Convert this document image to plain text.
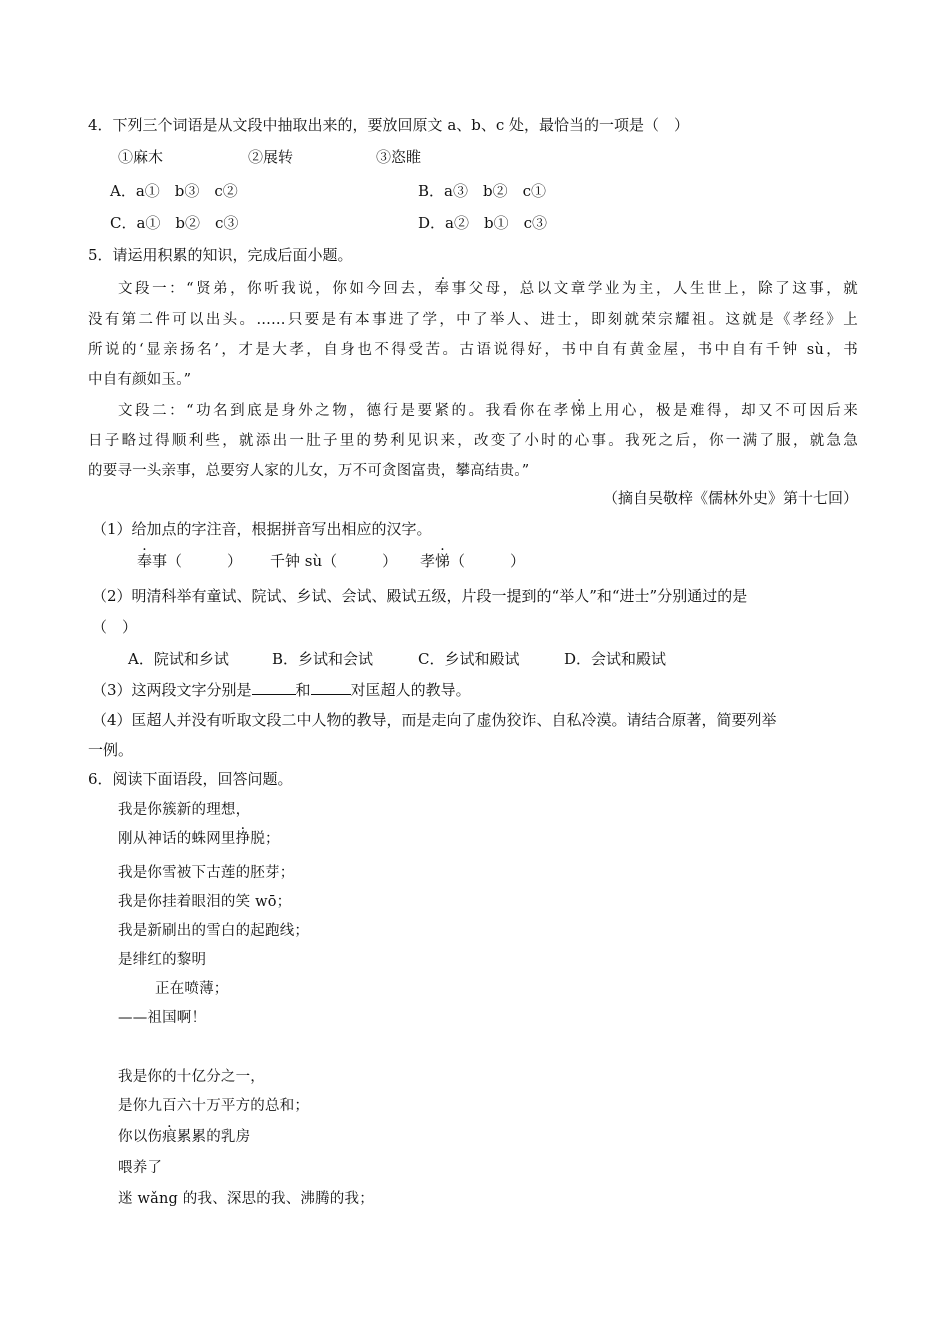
4．下列三个词语是从文段中抽取出来的，要放回原文 a、b、c 处，最恰当的一项是（　）
①麻木	②展转	③恣睢
A．a①　b③　c②	B．a③　b②　c①
C．a①　b②　c③	D．a②　b①　c③
5．请运用积累的知识，完成后面小题。
文段一：“贤弟，你听我说，你如今回去，奉事父母，总以文章学业为主，人生世上，除了这事，就
没有第二件可以出头。……只要是有本事进了学，中了举人、进士，即刻就荣宗耀祖。这就是《孝经》上
所说的‘显亲扬名’，才是大孝，自身也不得受苦。古语说得好，书中自有黄金屋，书中自有千钟 sù，书
中自有颜如玉。”
文段二：“功名到底是身外之物，德行是要紧的。我看你在孝悌上用心，极是难得，却又不可因后来
日子略过得顺利些，就添出一肚子里的势利见识来，改变了小时的心事。我死之后，你一满了服，就急急
的要寻一头亲事，总要穷人家的儿女，万不可贪图富贵，攀高结贵。”
（摘自吴敬梓《儒林外史》第十七回）
（1）给加点的字注音，根据拼音写出相应的汉字。
奉事（　　　） 千钟 sù（　　　） 孝悌（　　　）
（2）明清科举有童试、院试、乡试、会试、殿试五级，片段一提到的“举人”和“进士”分别通过的是
（　）
A．院试和乡试	B．乡试和会试	C．乡试和殿试	D．会试和殿试
（3）这两段文字分别是	和	对匡超人的教导。
（4）匡超人并没有听取文段二中人物的教导，而是走向了虚伪狡诈、自私冷漠。请结合原著，简要列举
一例。
6．阅读下面语段，回答问题。
我是你簇新的理想，
刚从神话的蛛网里挣脱；
我是你雪被下古莲的胚芽；
我是你挂着眼泪的笑 wō；
我是新刷出的雪白的起跑线；
是绯红的黎明
正在喷薄；
——祖国啊！
我是你的十亿分之一，
是你九百六十万平方的总和；
你以伤痕累累的乳房
喂养了
迷 wǎng 的我、深思的我、沸腾的我；
